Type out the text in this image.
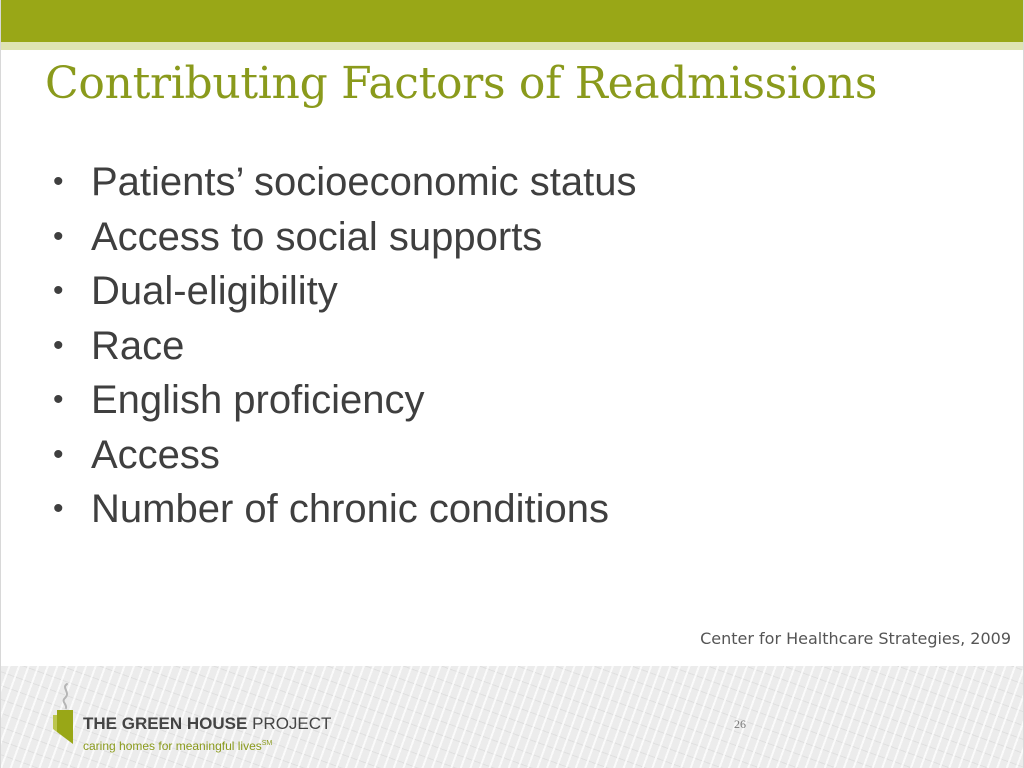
Contributing Factors of Readmissions
• Patients’ socioeconomic status
• Access to social supports
• Dual-eligibility
• Race
• English proficiency
• Access
• Number of chronic conditions
Center for Healthcare Strategies, 2009
THE GREEN HOUSE PROJECT
caring homes for meaningful lives℠
26
